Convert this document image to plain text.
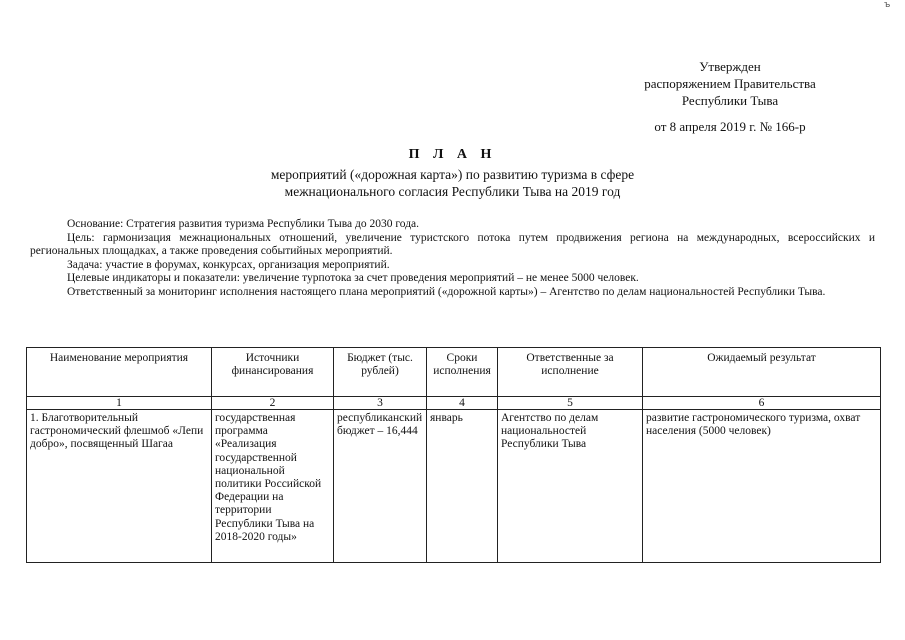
ъ
Утвержден
распоряжением Правительства
Республики Тыва
от 8 апреля 2019 г. № 166-р
П Л А Н
мероприятий («дорожная карта») по развитию туризма в сфере
межнационального согласия Республики Тыва на 2019 год

Основание: Стратегия развития туризма Республики Тыва до 2030 года.

Цель: гармонизация межнациональных отношений, увеличение туристского потока путем продвижения региона на международных, всероссийских и региональных площадках, а также проведения событийных мероприятий.

Задача: участие в форумах, конкурсах, организация мероприятий.

Целевые индикаторы и показатели: увеличение турпотока за счет проведения мероприятий – не менее 5000 человек.

Ответственный за мониторинг исполнения настоящего плана мероприятий («дорожной карты») – Агентство по делам национальностей Республики Тыва.

Наименование мероприятия	Источники финансирования	Бюджет (тыс. рублей)	Сроки исполнения	Ответственные за исполнение	Ожидаемый результат
1	2	3	4	5	6
1. Благотворительный гастрономический флешмоб «Лепи добро», посвященный Шагаа	государственная программа «Реализация государственной национальной политики Российской Федерации на территории Республики Тыва на 2018-2020 годы»	республиканский бюджет – 16,444	январь	Агентство по делам национальностей Республики Тыва	развитие гастрономического туризма, охват населения (5000 человек)
